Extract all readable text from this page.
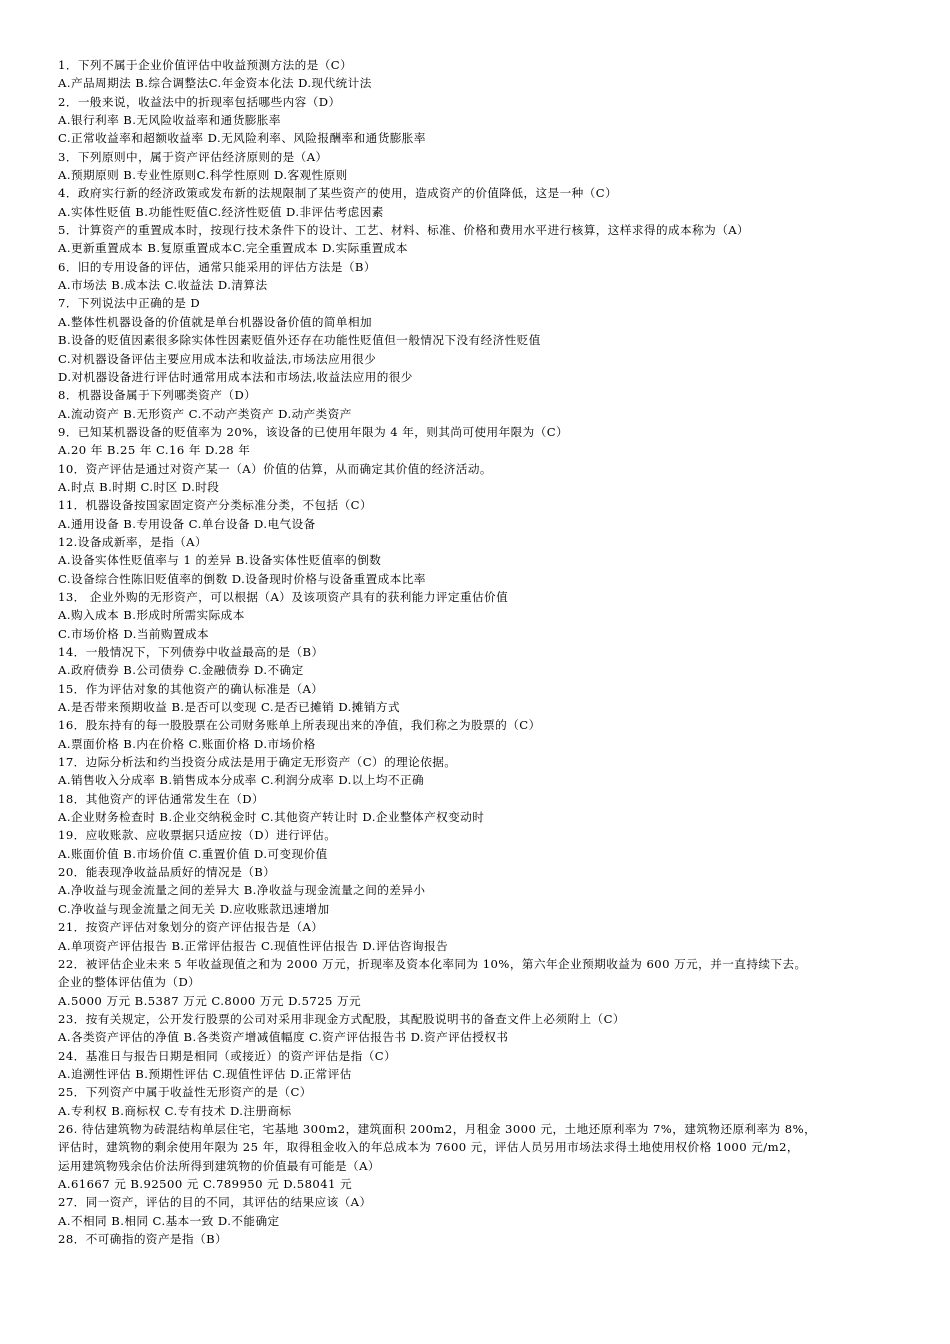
1．下列不属于企业价值评估中收益预测方法的是（C）
A.产品周期法 B.综合调整法C.年金资本化法 D.现代统计法
2．一般来说，收益法中的折现率包括哪些内容（D）
A.银行利率 B.无风险收益率和通货膨胀率
C.正常收益率和超额收益率 D.无风险利率、风险报酬率和通货膨胀率
3．下列原则中，属于资产评估经济原则的是（A）
A.预期原则 B.专业性原则C.科学性原则 D.客观性原则
4．政府实行新的经济政策或发布新的法规限制了某些资产的使用，造成资产的价值降低，这是一种（C）
A.实体性贬值 B.功能性贬值C.经济性贬值 D.非评估考虑因素
5．计算资产的重置成本时，按现行技术条件下的设计、工艺、材料、标准、价格和费用水平进行核算，这样求得的成本称为（A）
A.更新重置成本 B.复原重置成本C.完全重置成本 D.实际重置成本
6．旧的专用设备的评估，通常只能采用的评估方法是（B）
A.市场法 B.成本法 C.收益法 D.清算法
7．下列说法中正确的是 D
A.整体性机器设备的价值就是单台机器设备价值的简单相加
B.设备的贬值因素很多除实体性因素贬值外还存在功能性贬值但一般情况下没有经济性贬值
C.对机器设备评估主要应用成本法和收益法,市场法应用很少
D.对机器设备进行评估时通常用成本法和市场法,收益法应用的很少
8．机器设备属于下列哪类资产（D）
A.流动资产 B.无形资产 C.不动产类资产 D.动产类资产
9．已知某机器设备的贬值率为 20%，该设备的已使用年限为 4 年，则其尚可使用年限为（C）
A.20 年 B.25 年 C.16 年 D.28 年
10．资产评估是通过对资产某一（A）价值的估算，从而确定其价值的经济活动。
A.时点 B.时期 C.时区 D.时段
11．机器设备按国家固定资产分类标准分类，不包括（C）
A.通用设备 B.专用设备 C.单台设备 D.电气设备
12.设备成新率，是指（A）
A.设备实体性贬值率与 1 的差异 B.设备实体性贬值率的倒数
C.设备综合性陈旧贬值率的倒数 D.设备现时价格与设备重置成本比率
13． 企业外购的无形资产，可以根据（A）及该项资产具有的获利能力评定重估价值
A.购入成本 B.形成时所需实际成本
C.市场价格 D.当前购置成本
14．一般情况下，下列债券中收益最高的是（B）
A.政府债券 B.公司债券 C.金融债券 D.不确定
15．作为评估对象的其他资产的确认标准是（A）
A.是否带来预期收益 B.是否可以变现 C.是否已摊销 D.摊销方式
16．股东持有的每一股股票在公司财务账单上所表现出来的净值，我们称之为股票的（C）
A.票面价格 B.内在价格 C.账面价格 D.市场价格
17．边际分析法和约当投资分成法是用于确定无形资产（C）的理论依据。
A.销售收入分成率 B.销售成本分成率 C.利润分成率 D.以上均不正确
18．其他资产的评估通常发生在（D）
A.企业财务检查时 B.企业交纳税金时 C.其他资产转让时 D.企业整体产权变动时
19．应收账款、应收票据只适应按（D）进行评估。
A.账面价值 B.市场价值 C.重置价值 D.可变现价值
20．能表现净收益品质好的情况是（B）
A.净收益与现金流量之间的差异大 B.净收益与现金流量之间的差异小
C.净收益与现金流量之间无关 D.应收账款迅速增加
21．按资产评估对象划分的资产评估报告是（A）
A.单项资产评估报告 B.正常评估报告 C.现值性评估报告 D.评估咨询报告
22．被评估企业未来 5 年收益现值之和为 2000 万元，折现率及资本化率同为 10%，第六年企业预期收益为 600 万元，并一直持续下去。
企业的整体评估值为（D）
A.5000 万元 B.5387 万元 C.8000 万元 D.5725 万元
23．按有关规定，公开发行股票的公司对采用非现金方式配股，其配股说明书的备查文件上必须附上（C）
A.各类资产评估的净值 B.各类资产增减值幅度 C.资产评估报告书 D.资产评估授权书
24．基准日与报告日期是相同（或接近）的资产评估是指（C）
A.追溯性评估 B.预期性评估 C.现值性评估 D.正常评估
25．下列资产中属于收益性无形资产的是（C）
A.专利权 B.商标权 C.专有技术 D.注册商标
26. 待估建筑物为砖混结构单层住宅，宅基地 300m2，建筑面积 200m2，月租金 3000 元，土地还原利率为 7%，建筑物还原利率为 8%，
评估时，建筑物的剩余使用年限为 25 年，取得租金收入的年总成本为 7600 元，评估人员另用市场法求得土地使用权价格 1000 元/m2，
运用建筑物残余估价法所得到建筑物的价值最有可能是（A）
A.61667 元 B.92500 元 C.789950 元 D.58041 元
27．同一资产，评估的目的不同，其评估的结果应该（A）
A.不相同 B.相同 C.基本一致 D.不能确定
28．不可确指的资产是指（B）
